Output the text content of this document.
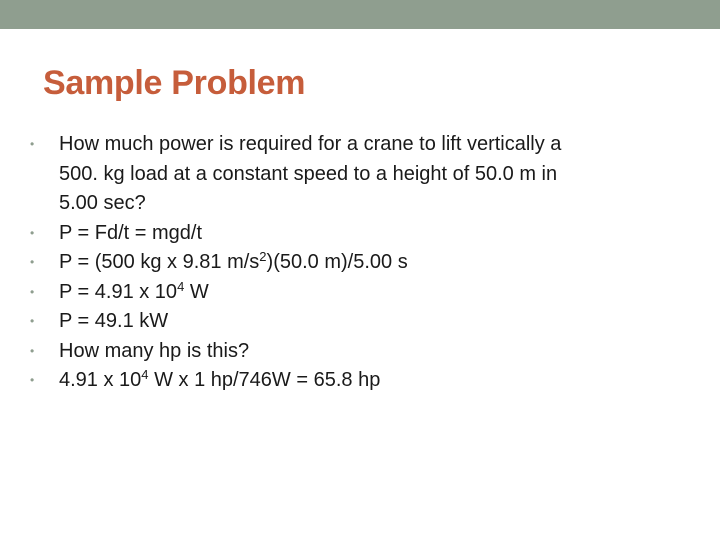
Sample Problem
•	How much power is required for a crane to lift vertically a
500. kg load at a constant speed to a height of 50.0 m in
5.00 sec?
•	P = Fd/t = mgd/t
•	P = (500 kg x 9.81 $m/s^2)(50.0$ m)/5.00 s
•	P = 4.91 x $10^4$ W
•	P = 49.1 kW
•	How many hp is this?
•	4.91 x $10^4$ W x 1 hp/746W = 65.8 hp
